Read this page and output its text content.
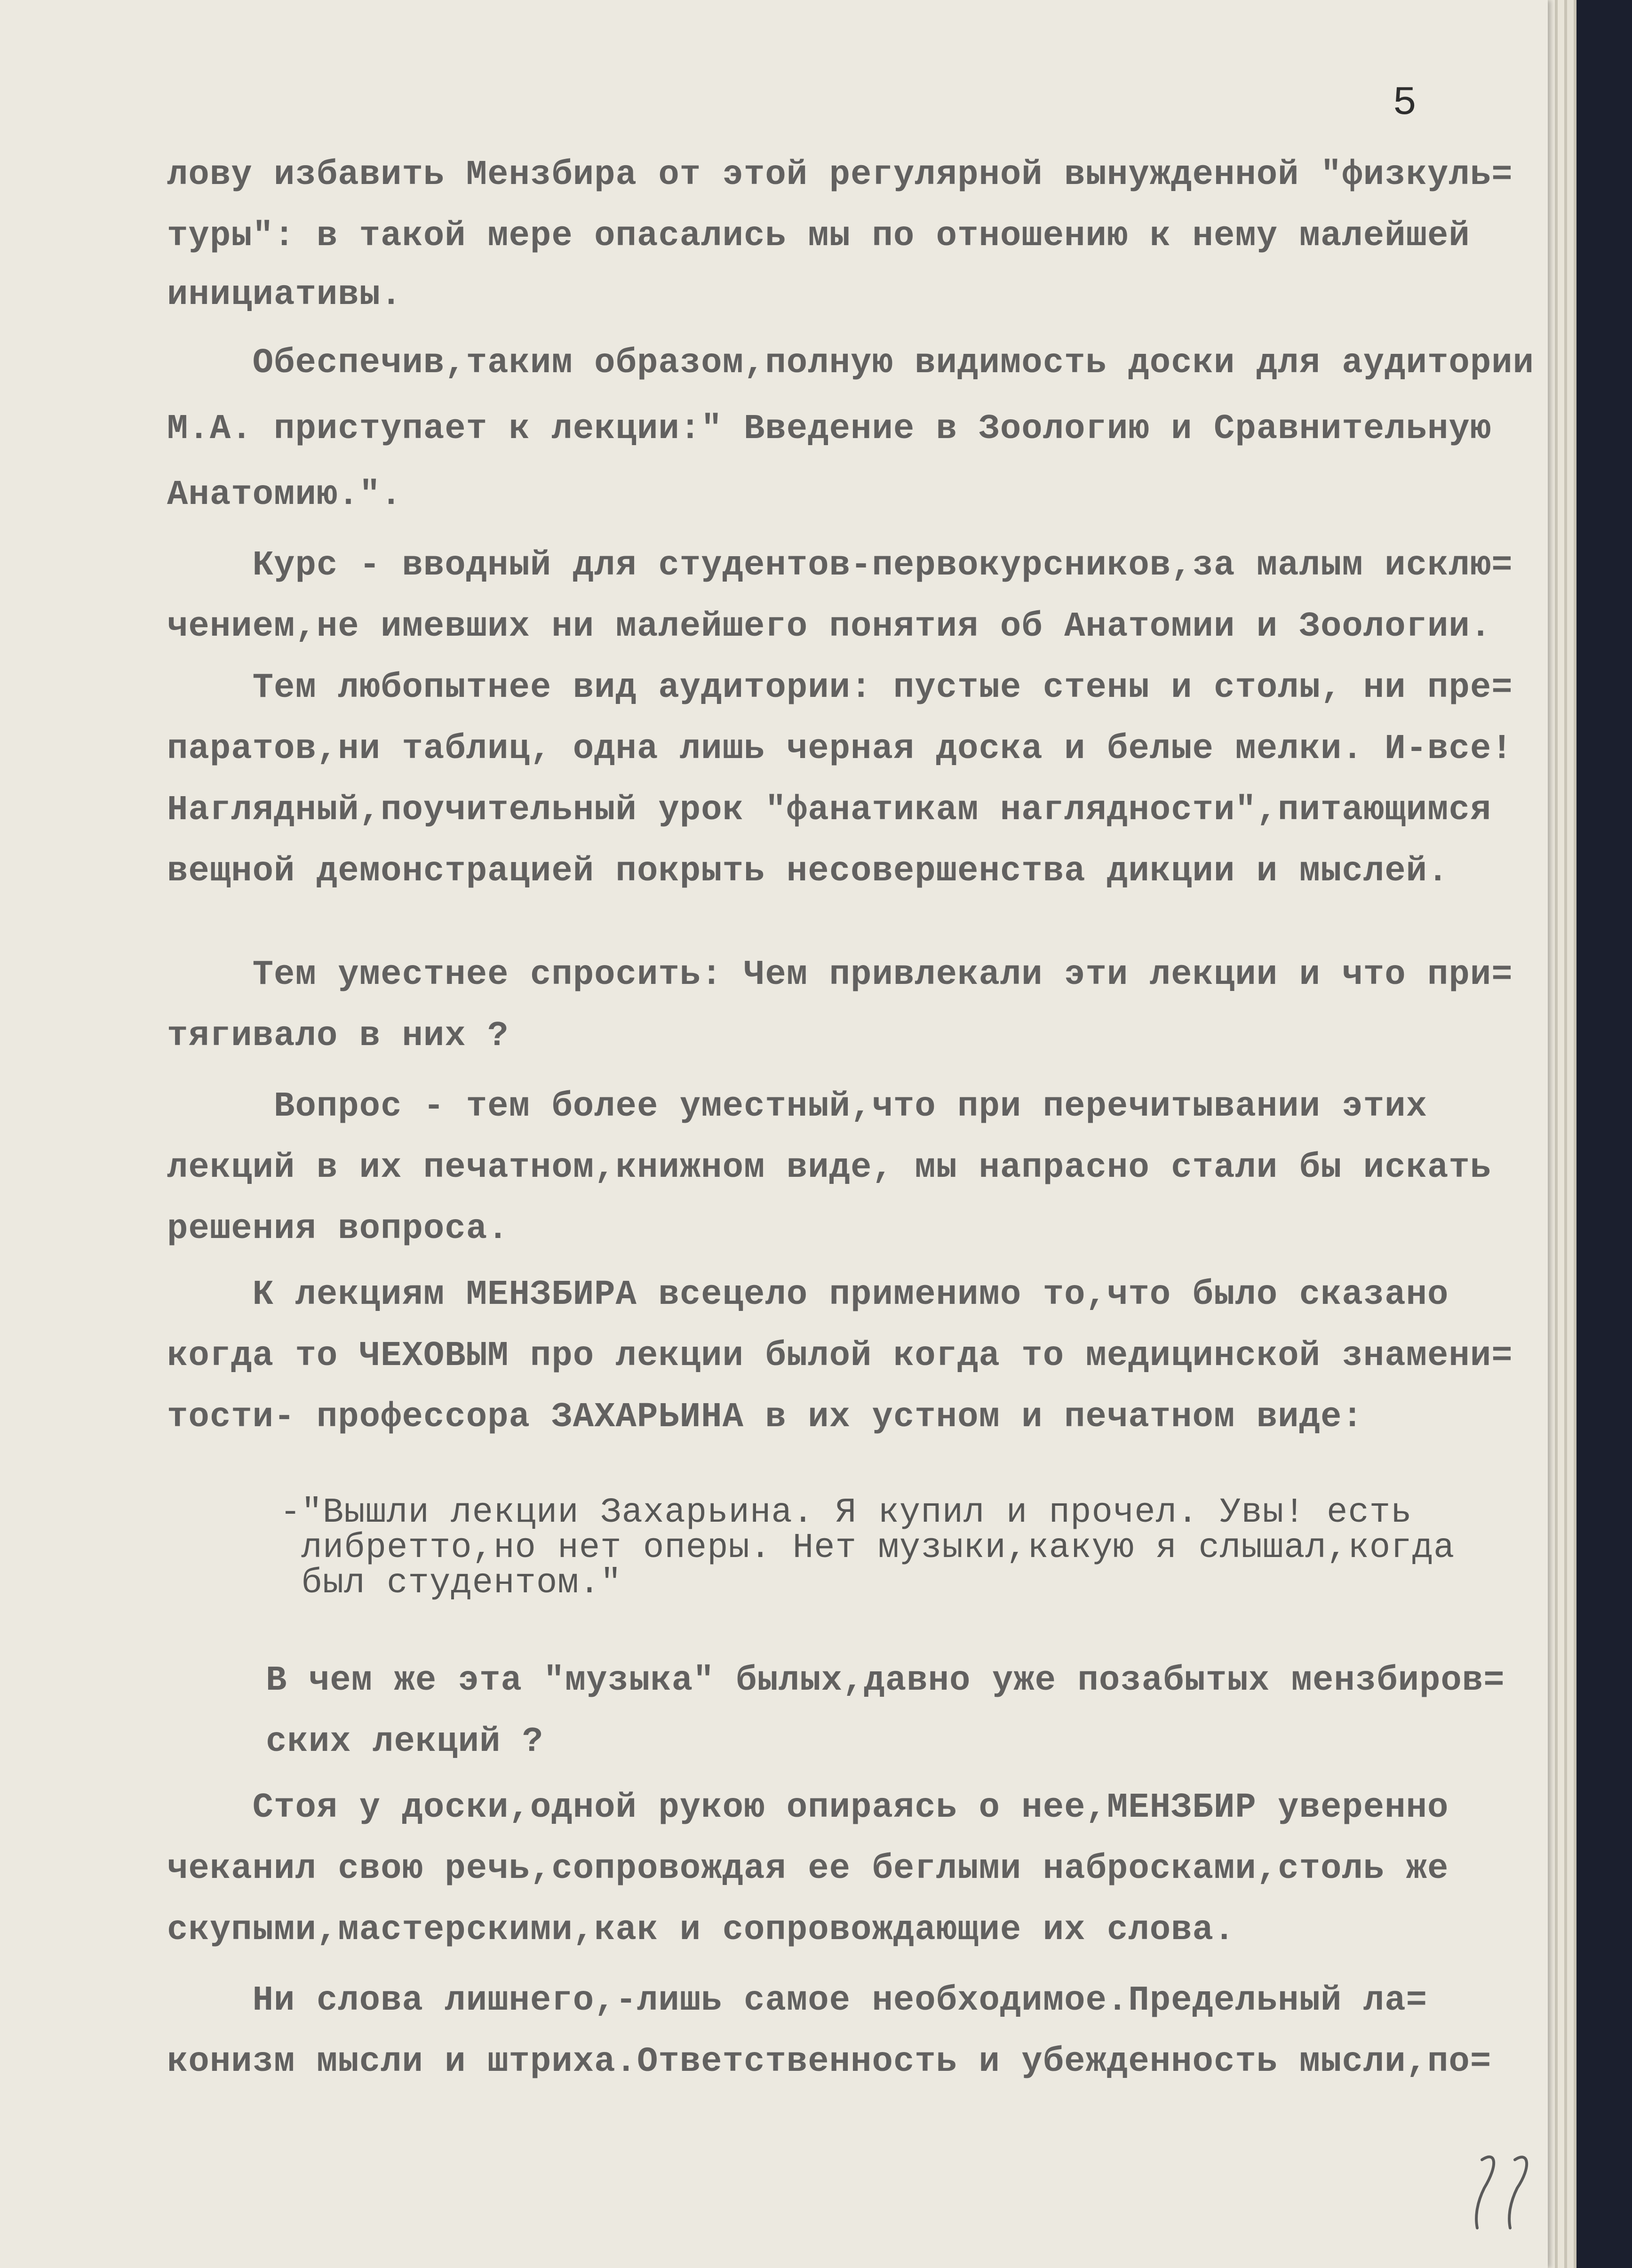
5
лову избавить Мензбира от этой регулярной вынужденной "физкуль=
туры": в такой мере опасались мы по отношению к нему малейшей
инициативы.
Обеспечив,таким образом,полную видимость доски для аудитории
М.А. приступает к лекции:" Введение в Зоологию и Сравнительную
Анатомию.".
Курс - вводный для студентов-первокурсников,за малым исклю=
чением,не имевших ни малейшего понятия об Анатомии и Зоологии.
Тем любопытнее вид аудитории: пустые стены и столы, ни пре=
паратов,ни таблиц, одна лишь черная доска и белые мелки. И-все!
Наглядный,поучительный урок "фанатикам наглядности",питающимся
вещной демонстрацией покрыть несовершенства дикции и мыслей.
Тем уместнее спросить: Чем привлекали эти лекции и что при=
тягивало в них ?
Вопрос - тем более уместный,что при перечитывании этих
лекций в их печатном,книжном виде, мы напрасно стали бы искать
решения вопроса.
К лекциям МЕНЗБИРА всецело применимо то,что было сказано
когда то ЧЕХОВЫМ про лекции былой когда то медицинской знамени=
тости- профессора ЗАХАРЬИНА в их устном и печатном виде:
-"Вышли лекции Захарьина. Я купил и прочел. Увы! есть
либретто,но нет оперы. Нет музыки,какую я слышал,когда
был студентом."
В чем же эта "музыка" былых,давно уже позабытых мензбиров=
ских лекций ?
Стоя у доски,одной рукою опираясь о нее,МЕНЗБИР уверенно
чеканил свою речь,сопровождая ее беглыми набросками,столь же
скупыми,мастерскими,как и сопровождающие их слова.
Ни слова лишнего,-лишь самое необходимое.Предельный ла=
конизм мысли и штриха.Ответственность и убежденность мысли,по=
